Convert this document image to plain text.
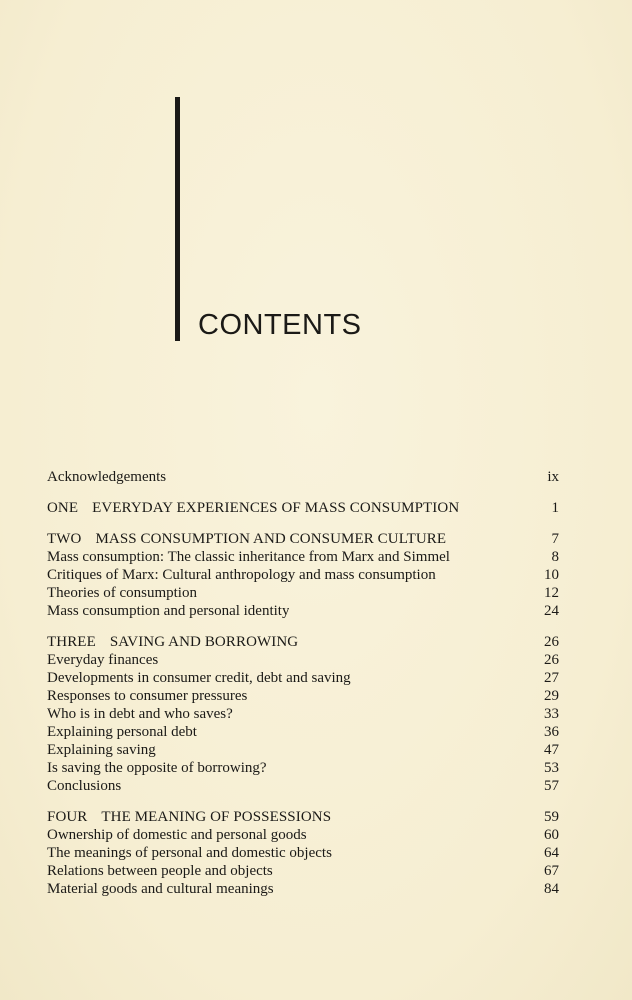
CONTENTS
Acknowledgements	ix
ONE EVERYDAY EXPERIENCES OF MASS CONSUMPTION	1
TWO MASS CONSUMPTION AND CONSUMER CULTURE	7
Mass consumption: The classic inheritance from Marx and Simmel	8
Critiques of Marx: Cultural anthropology and mass consumption	10
Theories of consumption	12
Mass consumption and personal identity	24
THREE SAVING AND BORROWING	26
Everyday finances	26
Developments in consumer credit, debt and saving	27
Responses to consumer pressures	29
Who is in debt and who saves?	33
Explaining personal debt	36
Explaining saving	47
Is saving the opposite of borrowing?	53
Conclusions	57
FOUR THE MEANING OF POSSESSIONS	59
Ownership of domestic and personal goods	60
The meanings of personal and domestic objects	64
Relations between people and objects	67
Material goods and cultural meanings	84
